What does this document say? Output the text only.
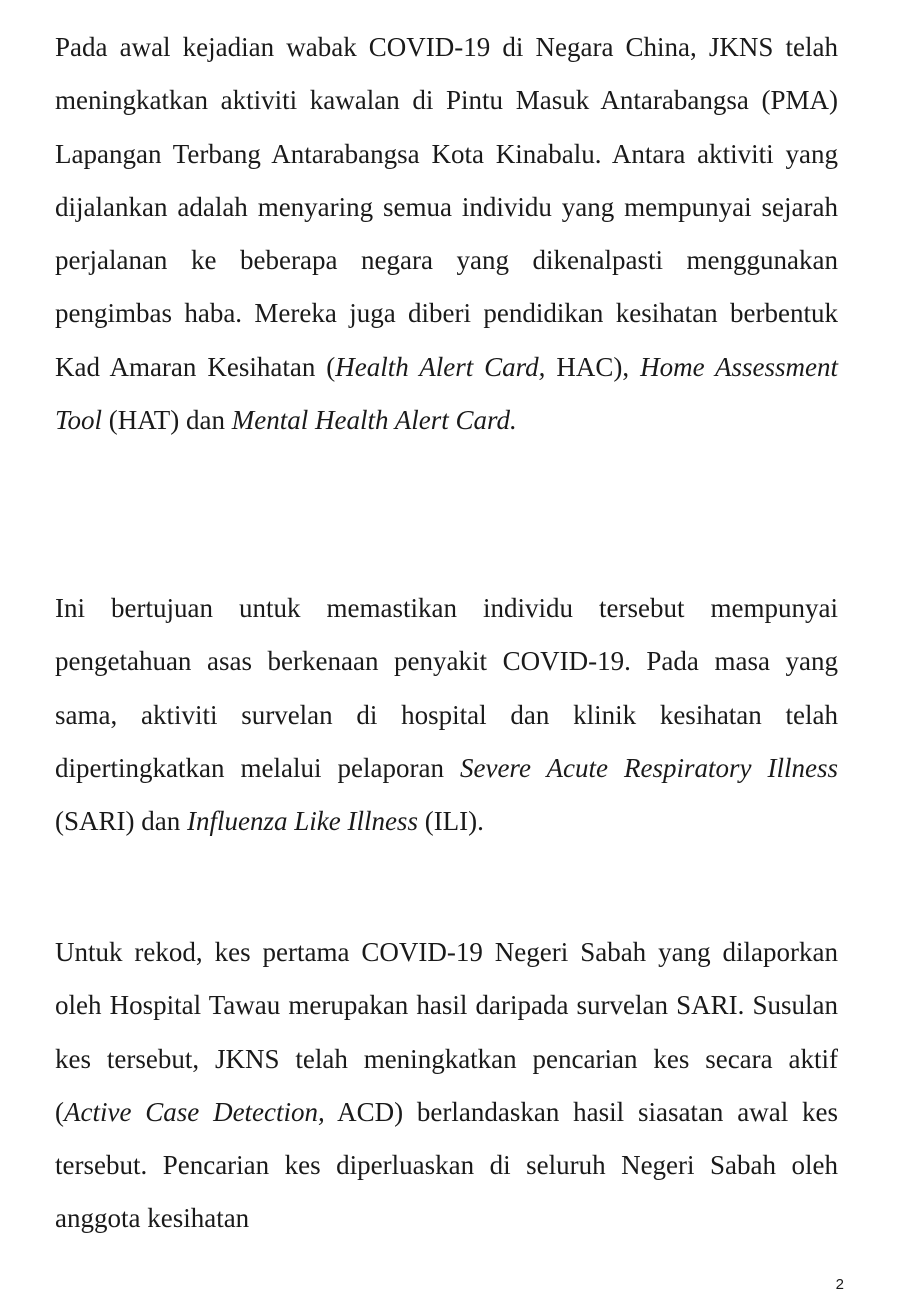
Pada awal kejadian wabak COVID-19 di Negara China, JKNS telah meningkatkan aktiviti kawalan di Pintu Masuk Antarabangsa (PMA) Lapangan Terbang Antarabangsa Kota Kinabalu. Antara aktiviti yang dijalankan adalah menyaring semua individu yang mempunyai sejarah perjalanan ke beberapa negara yang dikenalpasti menggunakan pengimbas haba. Mereka juga diberi pendidikan kesihatan berbentuk Kad Amaran Kesihatan (Health Alert Card, HAC), Home Assessment Tool (HAT) dan Mental Health Alert Card.

Ini bertujuan untuk memastikan individu tersebut mempunyai pengetahuan asas berkenaan penyakit COVID-19. Pada masa yang sama, aktiviti survelan di hospital dan klinik kesihatan telah dipertingkatkan melalui pelaporan Severe Acute Respiratory Illness (SARI) dan Influenza Like Illness (ILI).

Untuk rekod, kes pertama COVID-19 Negeri Sabah yang dilaporkan oleh Hospital Tawau merupakan hasil daripada survelan SARI. Susulan kes tersebut, JKNS telah meningkatkan pencarian kes secara aktif (Active Case Detection, ACD) berlandaskan hasil siasatan awal kes tersebut. Pencarian kes diperluaskan di seluruh Negeri Sabah oleh anggota kesihatan

2
